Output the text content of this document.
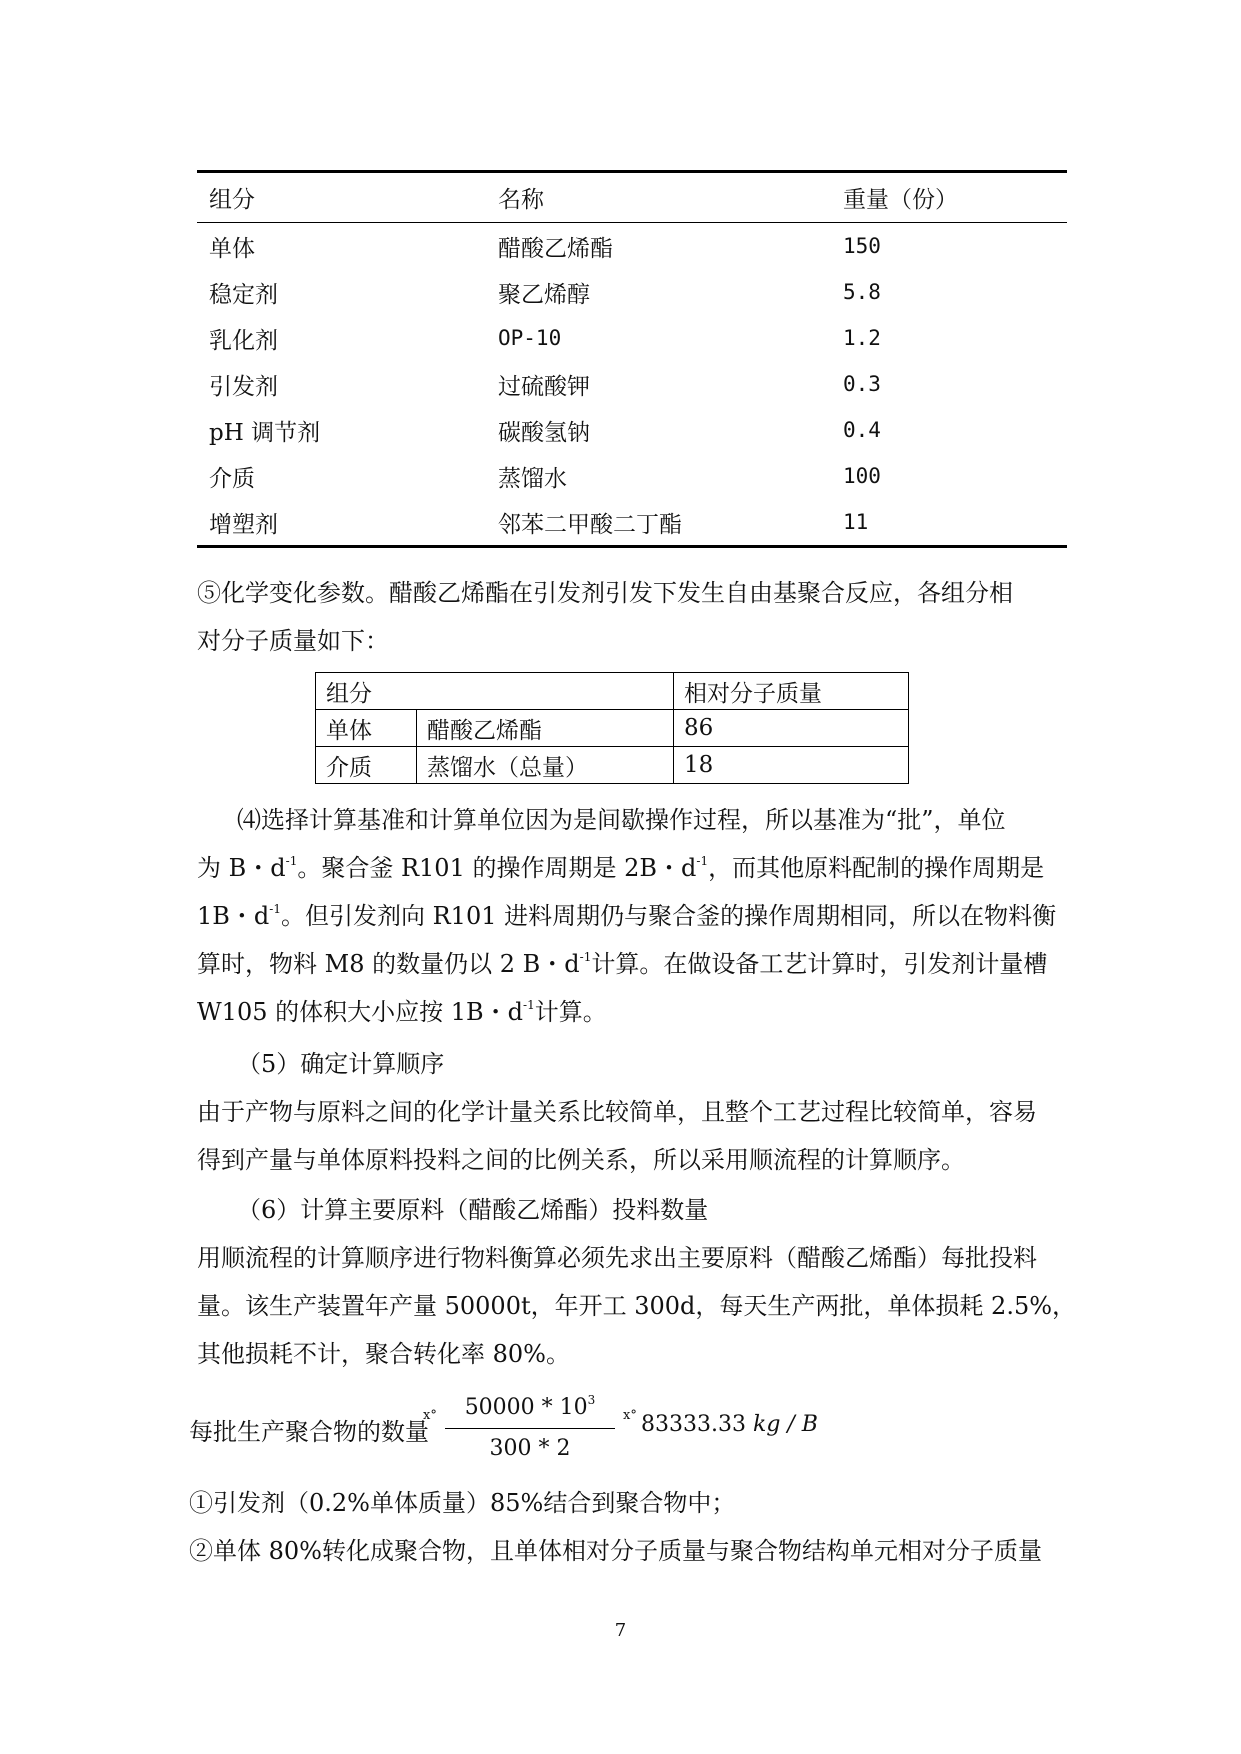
组分	名称	重量（份）
单体	醋酸乙烯酯	150
稳定剂	聚乙烯醇	5.8
乳化剂	OP-10	1.2
引发剂	过硫酸钾	0.3
pH 调节剂	碳酸氢钠	0.4
介质	蒸馏水	100
增塑剂	邻苯二甲酸二丁酯	11
⑤化学变化参数。醋酸乙烯酯在引发剂引发下发生自由基聚合反应，各组分相
对分子质量如下：
组分		相对分子质量
单体	醋酸乙烯酯	86
介质	蒸馏水（总量）	18
⑷选择计算基准和计算单位因为是间歇操作过程，所以基准为“批”，单位
为 B・$d^{-1}$。聚合釜 R101 的操作周期是 2B・$d^{-1}$，而其他原料配制的操作周期是
1B・$d^{-1}$。但引发剂向 R101 进料周期仍与聚合釜的操作周期相同，所以在物料衡
算时，物料 M8 的数量仍以 2 B・$d^{-1}$计算。在做设备工艺计算时，引发剂计量槽
W105 的体积大小应按 1B・$d^{-1}$计算。
（5）确定计算顺序
由于产物与原料之间的化学计量关系比较简单，且整个工艺过程比较简单，容易
得到产量与单体原料投料之间的比例关系，所以采用顺流程的计算顺序。
（6）计算主要原料（醋酸乙烯酯）投料数量
用顺流程的计算顺序进行物料衡算必须先求出主要原料（醋酸乙烯酯）每批投料
量。该生产装置年产量 50000t，年开工 300d，每天生产两批，单体损耗 2.5%，
其他损耗不计，聚合转化率 80%。
每批生产聚合物的数量
x°	$50000 * 10^3$
300 * 2
x° 83333.33 kg / B
①引发剂（0.2%单体质量）85%结合到聚合物中；
②单体 80%转化成聚合物，且单体相对分子质量与聚合物结构单元相对分子质量
7
